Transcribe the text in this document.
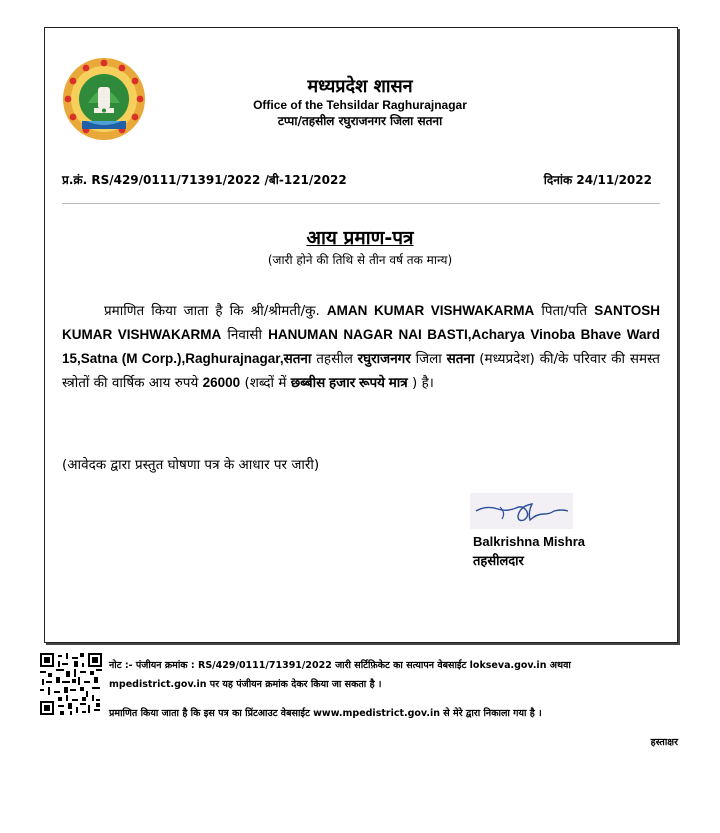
मध्यप्रदेश शासन
Office of the Tehsildar Raghurajnagar
टप्पा/तहसील रघुराजनगर जिला सतना
प्र.क्रं. RS/429/0111/71391/2022 /बी-121/2022	दिनांक 24/11/2022
आय प्रमाण-पत्र
(जारी होने की तिथि से तीन वर्ष तक मान्य)
प्रमाणित किया जाता है कि श्री/श्रीमती/कु. AMAN KUMAR VISHWAKARMA पिता/पति SANTOSH KUMAR VISHWAKARMA निवासी HANUMAN NAGAR NAI BASTI,Acharya Vinoba Bhave Ward 15,Satna (M Corp.),Raghurajnagar,सतना तहसील रघुराजनगर जिला सतना (मध्यप्रदेश) की/के परिवार की समस्त स्त्रोतों की वार्षिक आय रुपये 26000 (शब्दों में छब्बीस हजार रूपये मात्र ) है।
(आवेदक द्वारा प्रस्तुत घोषणा पत्र के आधार पर जारी)
Balkrishna Mishra
तहसीलदार
नोट :- पंजीयन क्रमांक : RS/429/0111/71391/2022 जारी सर्टिफ़िकेट का सत्यापन वेबसाईट lokseva.gov.in अथवा mpedistrict.gov.in पर यह पंजीयन क्रमांक देकर किया जा सकता है ।
प्रमाणित किया जाता है कि इस पत्र का प्रिंटआउट वेबसाईट www.mpedistrict.gov.in से मेरे द्वारा निकाला गया है ।
हस्ताक्षर
